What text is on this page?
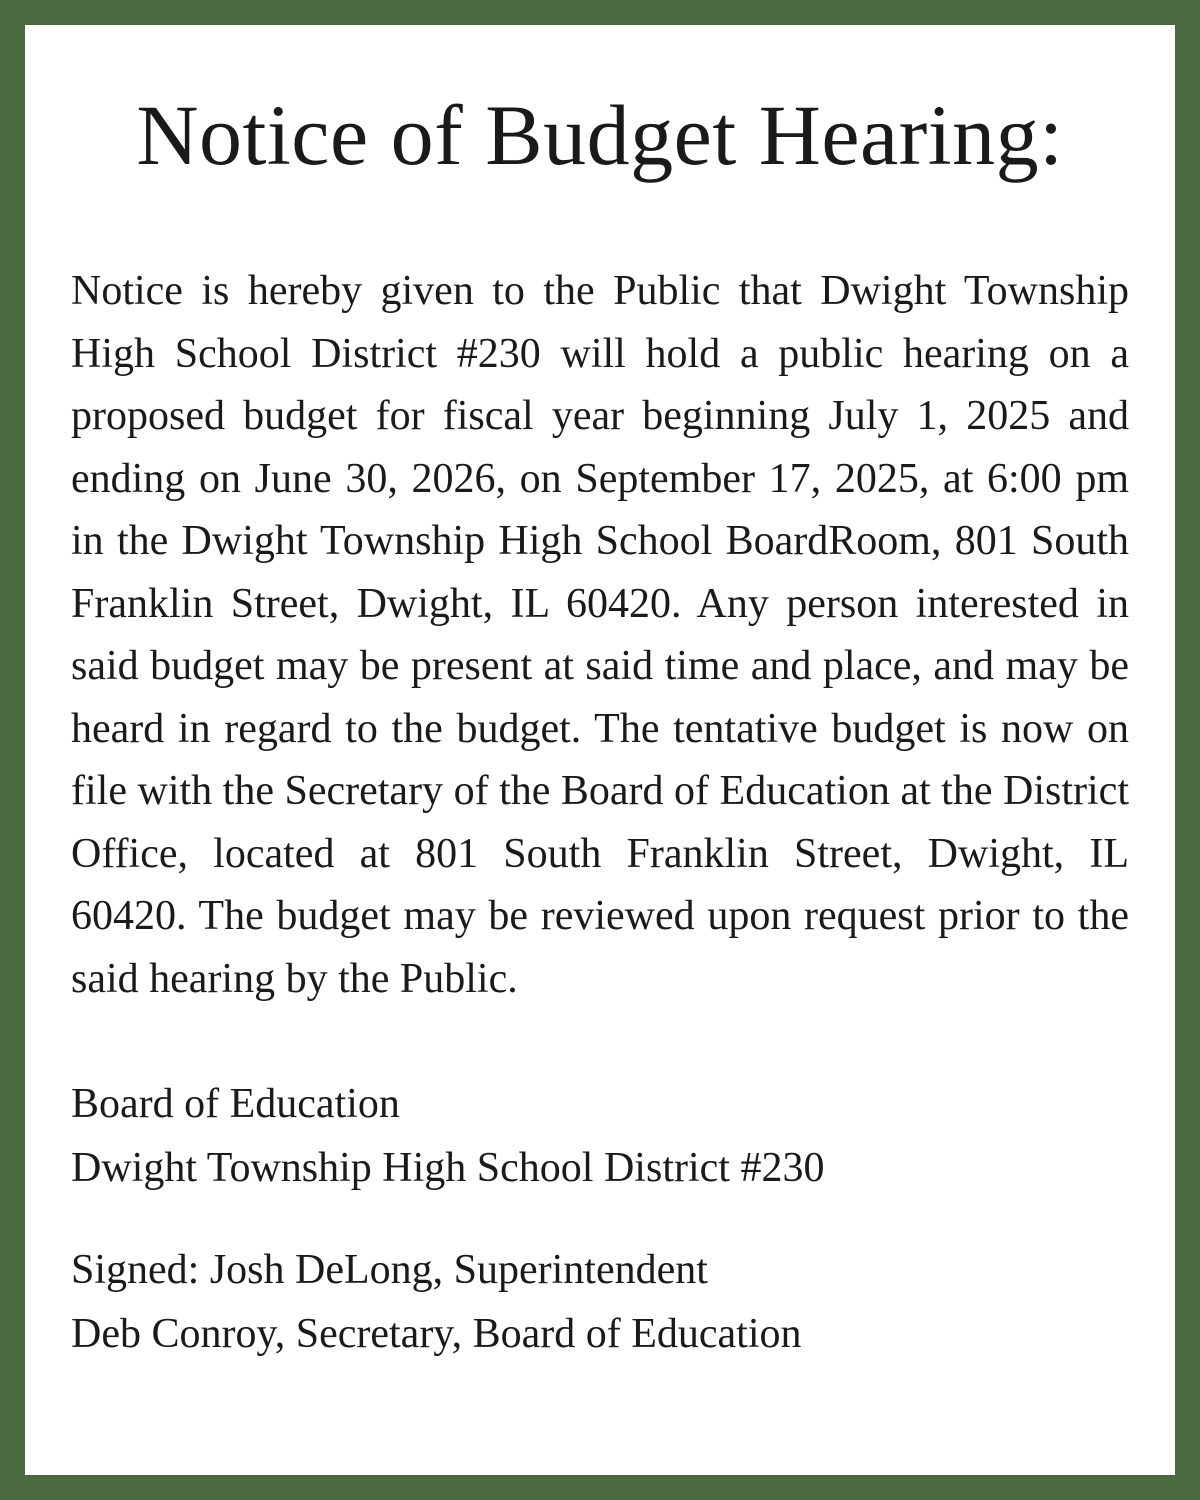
Notice of Budget Hearing:

Notice is hereby given to the Public that Dwight Township High School District #230 will hold a public hearing on a proposed budget for fiscal year beginning July 1, 2025 and ending on June 30, 2026, on September 17, 2025, at 6:00 pm in the Dwight Township High School BoardRoom, 801 South Franklin Street, Dwight, IL 60420. Any person interested in said budget may be present at said time and place, and may be heard in regard to the budget. The tentative budget is now on file with the Secretary of the Board of Education at the District Office, located at 801 South Franklin Street, Dwight, IL 60420. The budget may be reviewed upon request prior to the said hearing by the Public.

Board of Education
Dwight Township High School District #230
Signed: Josh DeLong, Superintendent
Deb Conroy, Secretary, Board of Education
